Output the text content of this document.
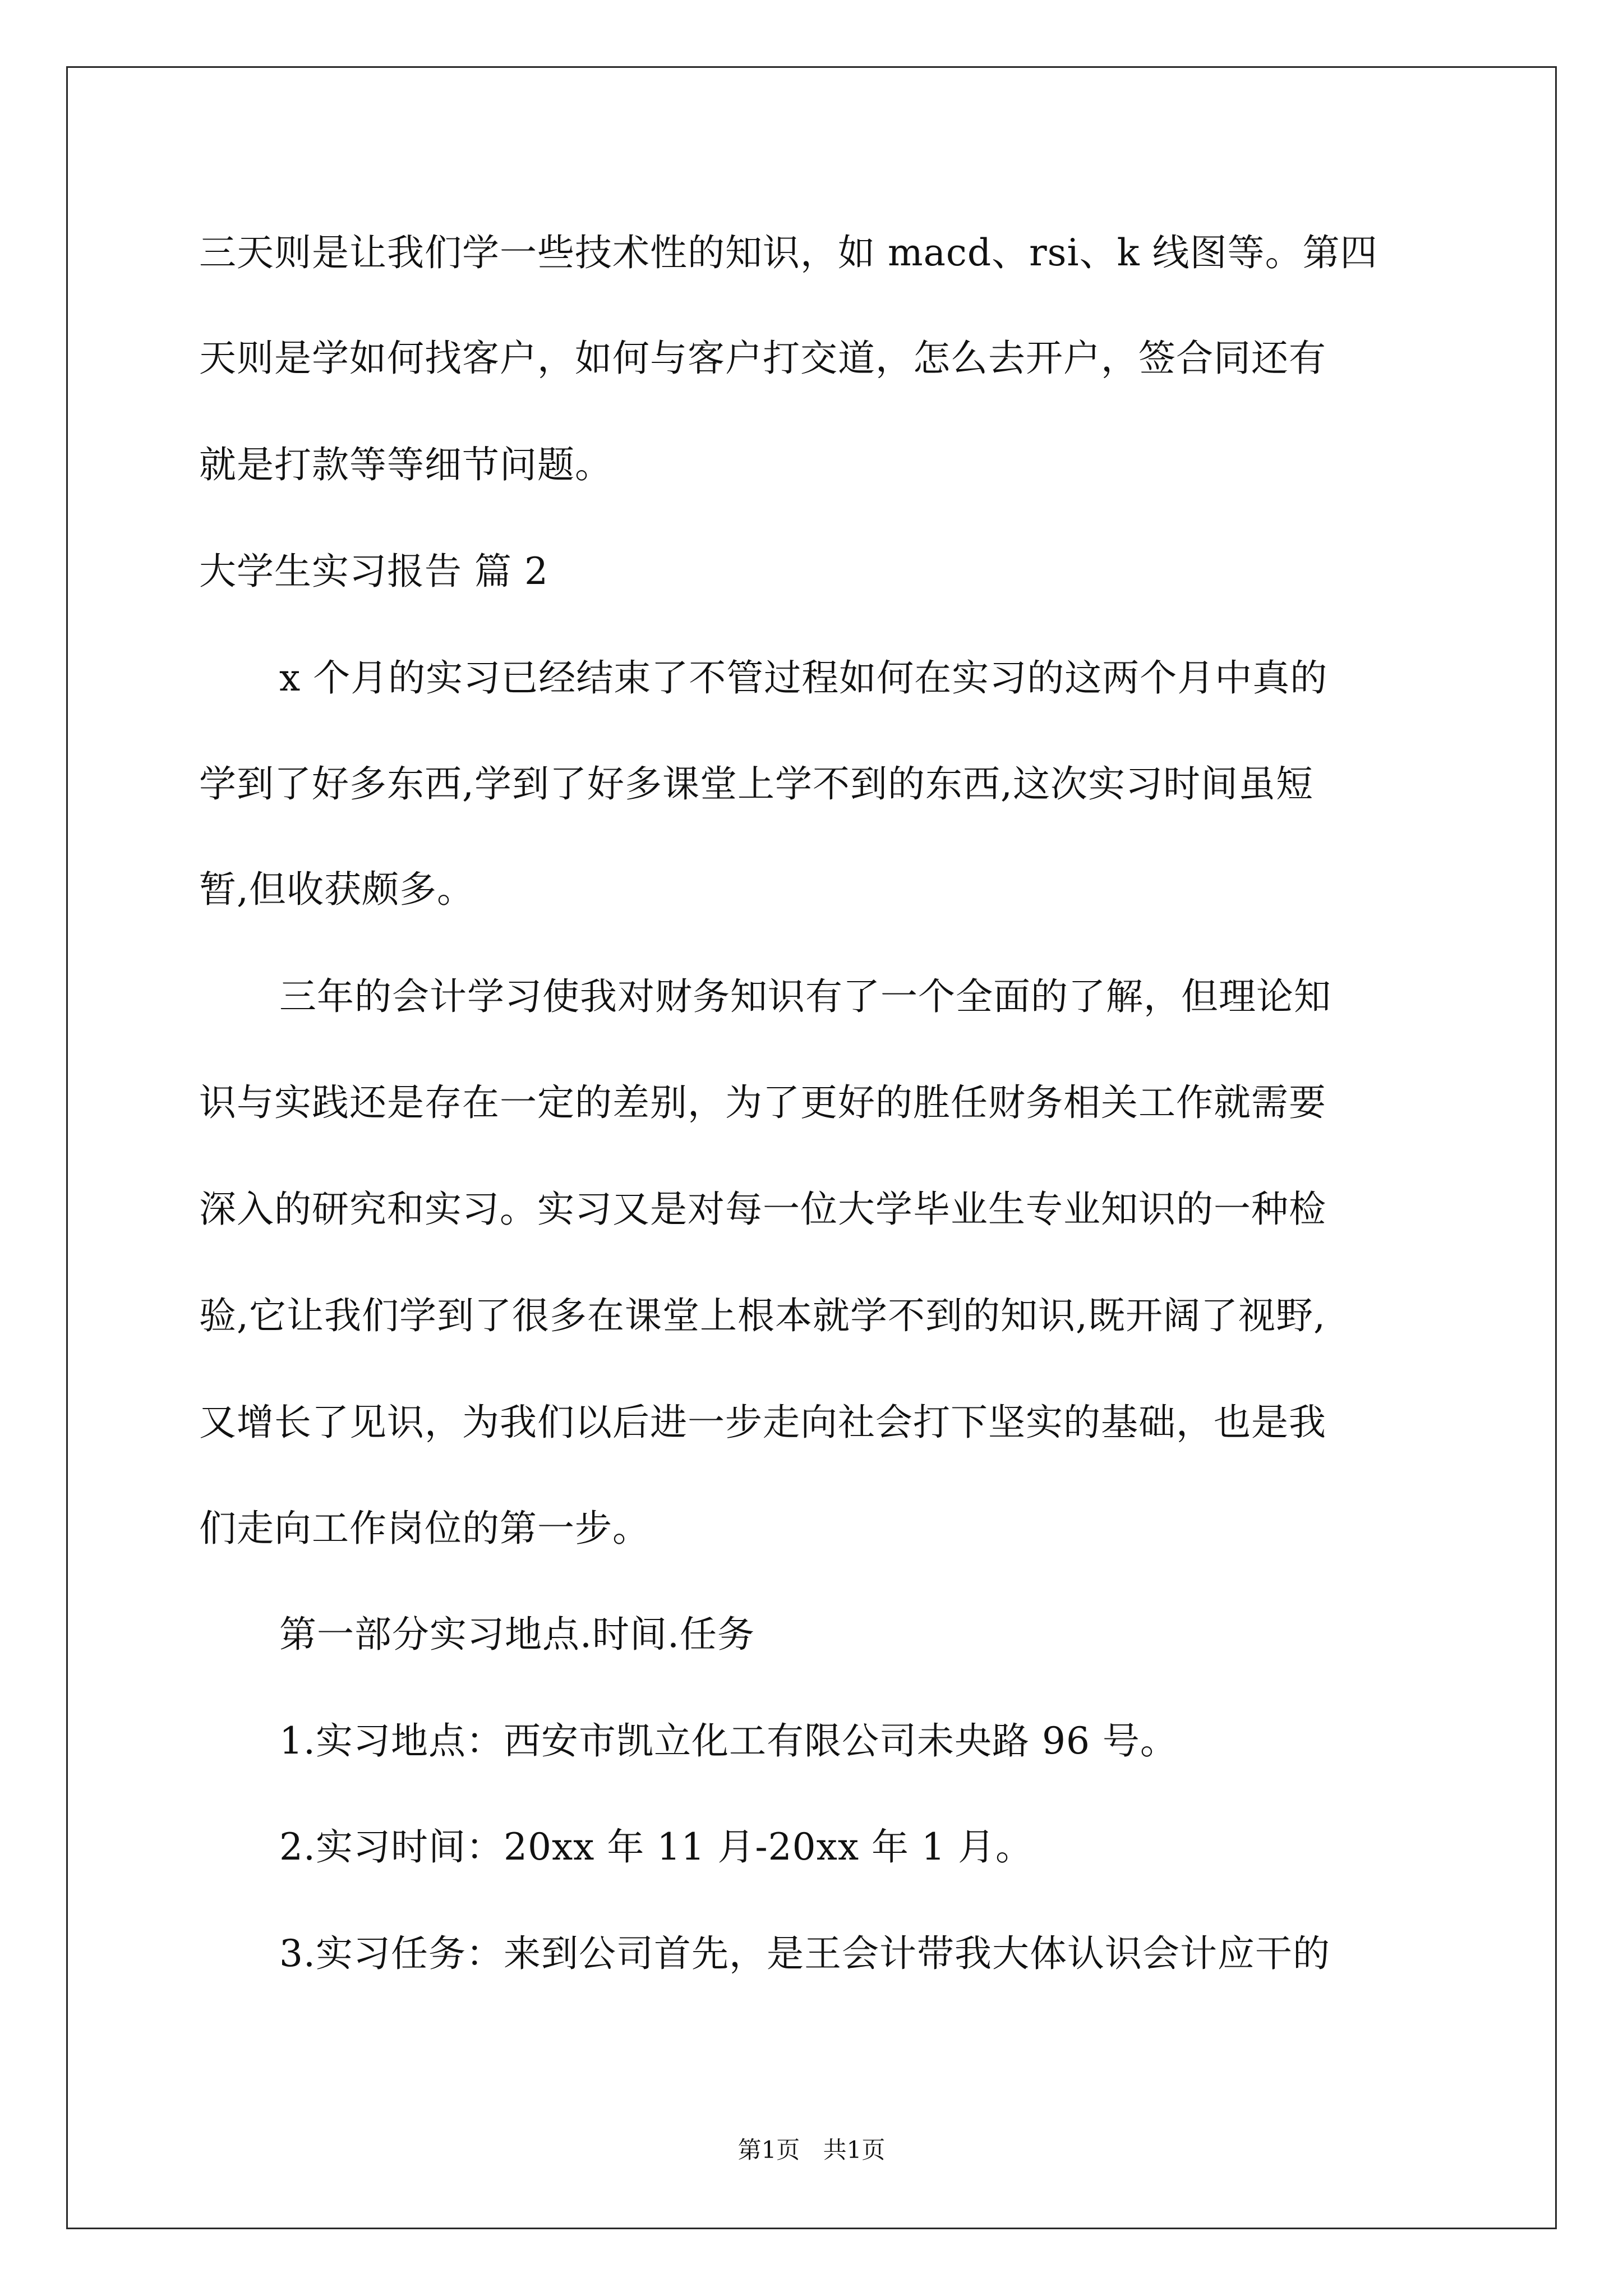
三天则是让我们学一些技术性的知识，如 macd、rsi、k 线图等。第四
天则是学如何找客户，如何与客户打交道，怎么去开户，签合同还有
就是打款等等细节问题。
大学生实习报告 篇 2
x 个月的实习已经结束了不管过程如何在实习的这两个月中真的
学到了好多东西,学到了好多课堂上学不到的东西,这次实习时间虽短
暂,但收获颇多。
三年的会计学习使我对财务知识有了一个全面的了解，但理论知
识与实践还是存在一定的差别，为了更好的胜任财务相关工作就需要
深入的研究和实习。实习又是对每一位大学毕业生专业知识的一种检
验,它让我们学到了很多在课堂上根本就学不到的知识,既开阔了视野,
又增长了见识，为我们以后进一步走向社会打下坚实的基础，也是我
们走向工作岗位的第一步。
第一部分实习地点.时间.任务
1.实习地点：西安市凯立化工有限公司未央路 96 号。
2.实习时间：20xx 年 11 月-20xx 年 1 月。
3.实习任务：来到公司首先，是王会计带我大体认识会计应干的
第1页 共1页
